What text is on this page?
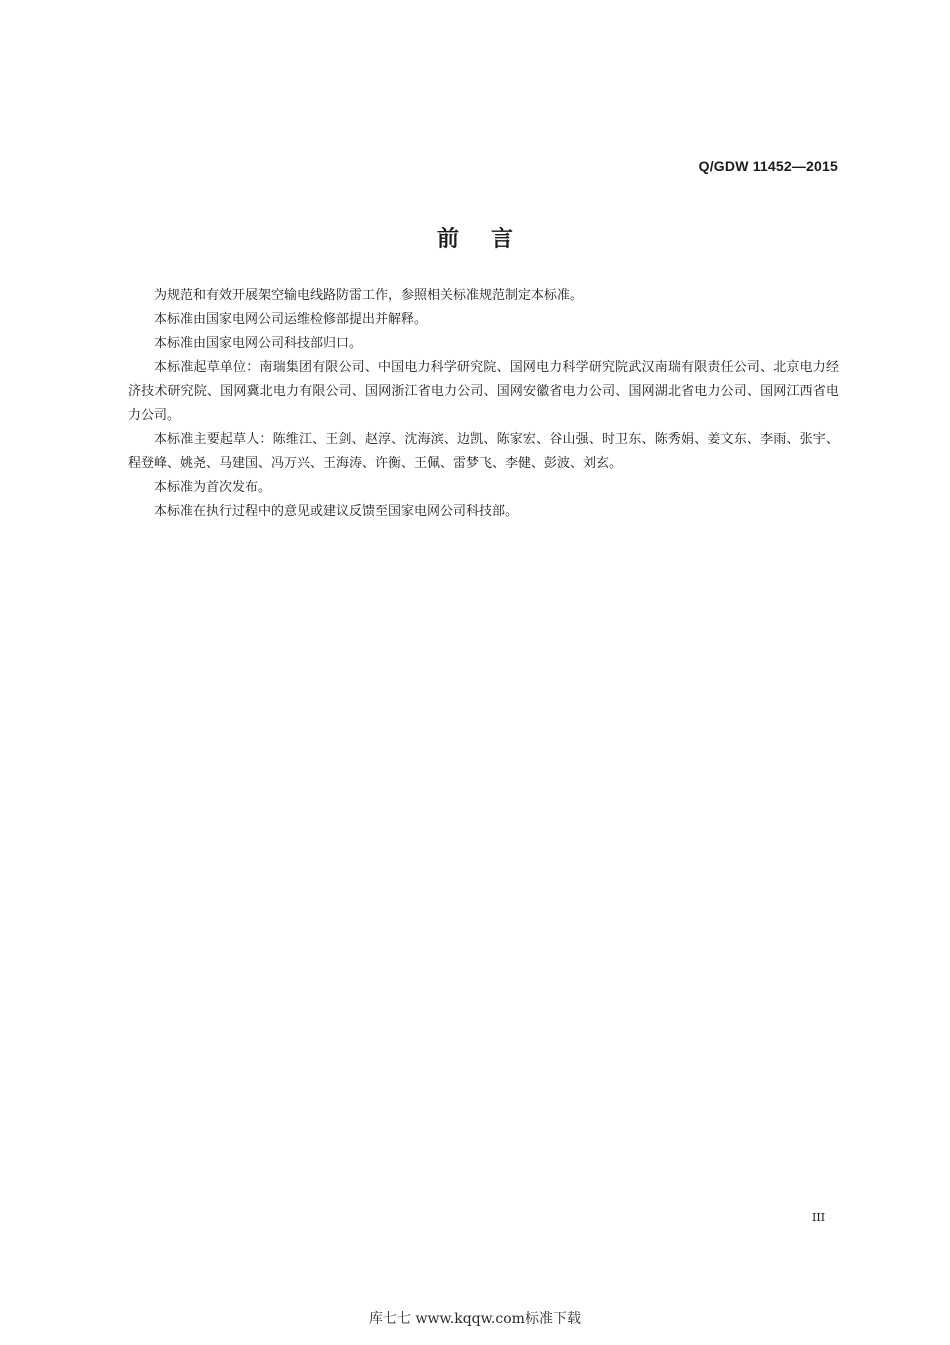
Q/GDW 11452—2015
前言

为规范和有效开展架空输电线路防雷工作，参照相关标准规范制定本标准。

本标准由国家电网公司运维检修部提出并解释。

本标准由国家电网公司科技部归口。

本标准起草单位：南瑞集团有限公司、中国电力科学研究院、国网电力科学研究院武汉南瑞有限责任公司、北京电力经济技术研究院、国网冀北电力有限公司、国网浙江省电力公司、国网安徽省电力公司、国网湖北省电力公司、国网江西省电力公司。

本标准主要起草人：陈维江、王剑、赵淳、沈海滨、边凯、陈家宏、谷山强、时卫东、陈秀娟、姜文东、李雨、张宇、程登峰、姚尧、马建国、冯万兴、王海涛、许衡、王佩、雷梦飞、李健、彭波、刘玄。

本标准为首次发布。

本标准在执行过程中的意见或建议反馈至国家电网公司科技部。

III
库七七 www.kqqw.com标准下载
